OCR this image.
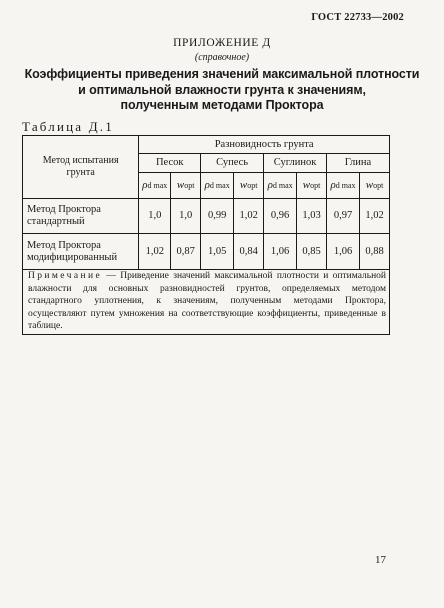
ГОСТ 22733—2002
ПРИЛОЖЕНИЕ Д
(справочное)
Коэффициенты приведения значений максимальной плотности
и оптимальной влажности грунта к значениям,
полученным методами Проктора
Таблица Д.1
Метод испытания
грунта	Разновидность грунта							
	Песок		Супесь		Суглинок		Глина	
	ρd max	wopt	ρd max	wopt	ρd max	wopt	ρd max	wopt

Метод Проктора
стандартный	1,0	1,0	0,99	1,02	0,96	1,03	0,97	1,02

Метод Проктора
модифицированный	1,02	0,87	1,05	0,84	1,06	0,85	1,06	0,88
Примечание — Приведение значений максимальной плотности и оптимальной влажности для основных разновидностей грунтов, определяемых методом стандартного уплотнения, к значениям, полученным методами Проктора, осуществляют путем умножения на соответствующие коэффициенты, приведенные в таблице.
17
